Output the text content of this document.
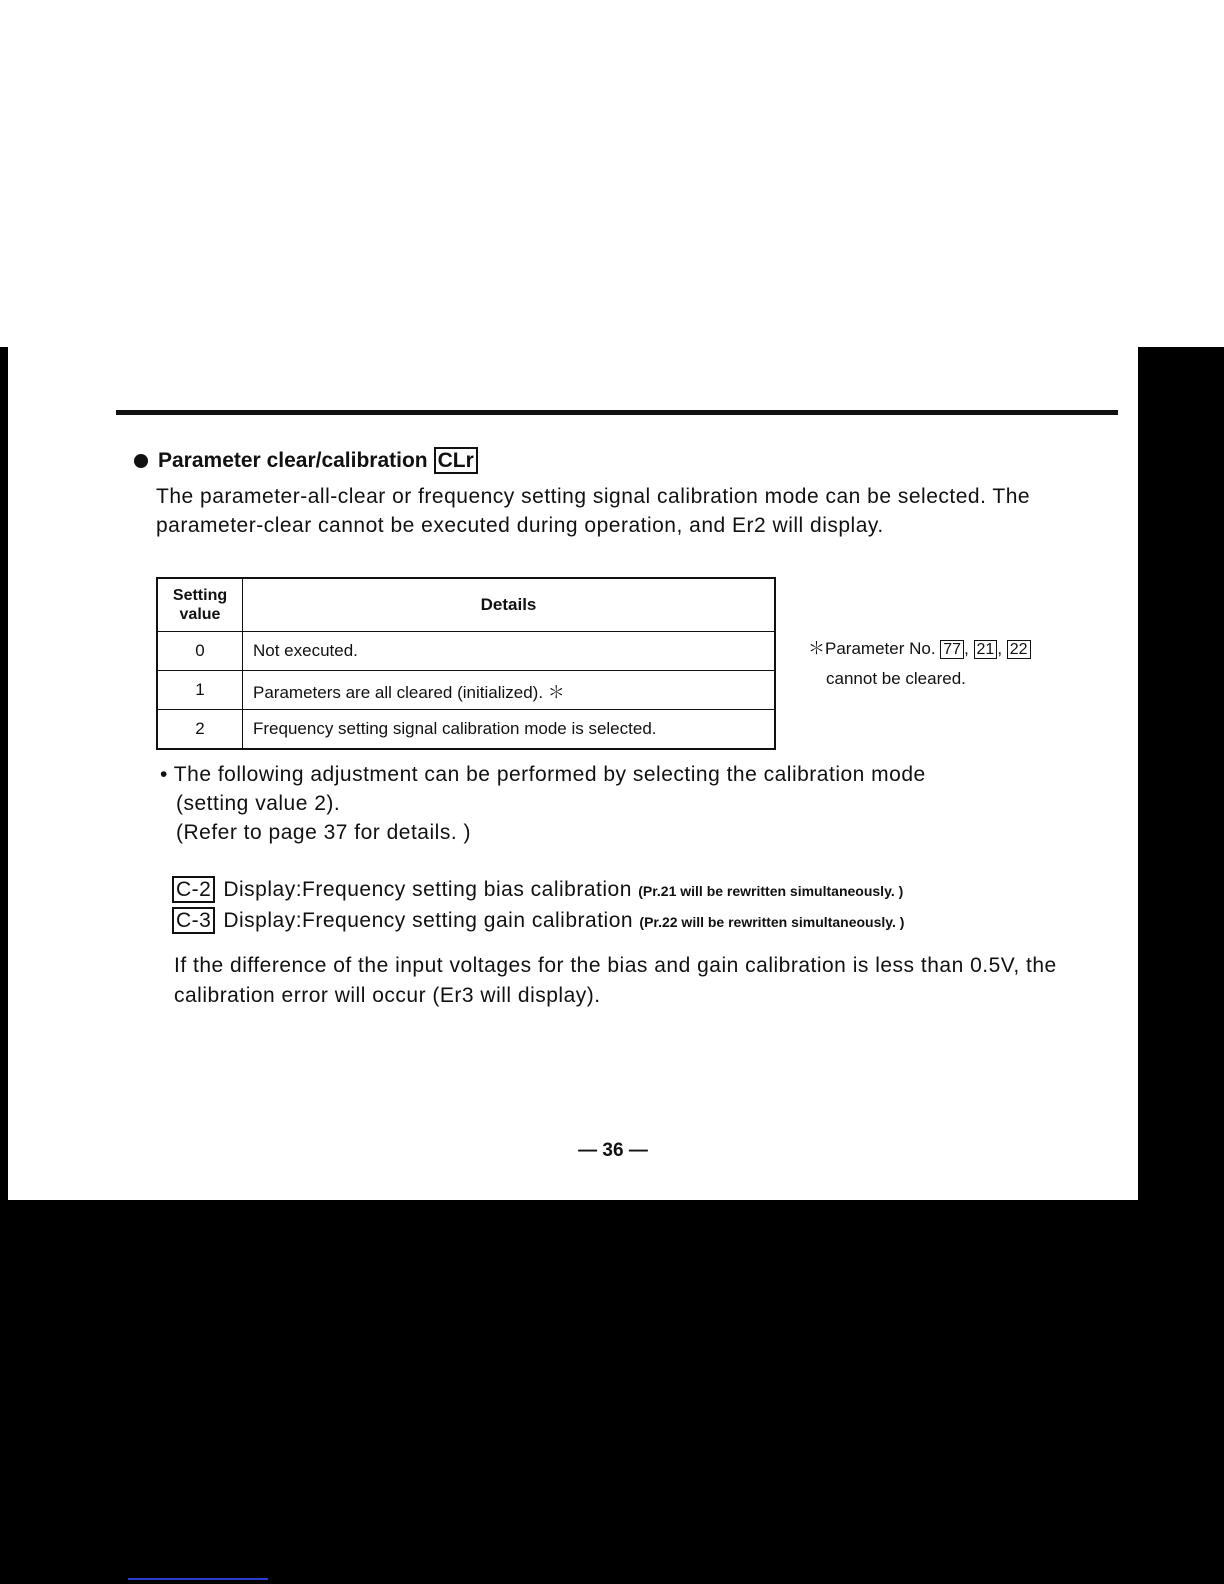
Parameter clear/calibration CLr
The parameter-all-clear or frequency setting signal calibration mode can be selected. The parameter-clear cannot be executed during operation, and Er2 will display.
Setting value	Details
0	Not executed.
1	Parameters are all cleared (initialized). ＊
2	Frequency setting signal calibration mode is selected.
＊Parameter No. 77 , 21 , 22
cannot be cleared.
• The following adjustment can be performed by selecting the calibration mode
(setting value 2).
(Refer to page 37 for details. )
C-2 Display:Frequency setting bias calibration (Pr.21 will be rewritten simultaneously. )
C-3 Display:Frequency setting gain calibration (Pr.22 will be rewritten simultaneously. )
If the difference of the input voltages for the bias and gain calibration is less than 0.5V, the calibration error will occur (Er3 will display).
— 36 —
